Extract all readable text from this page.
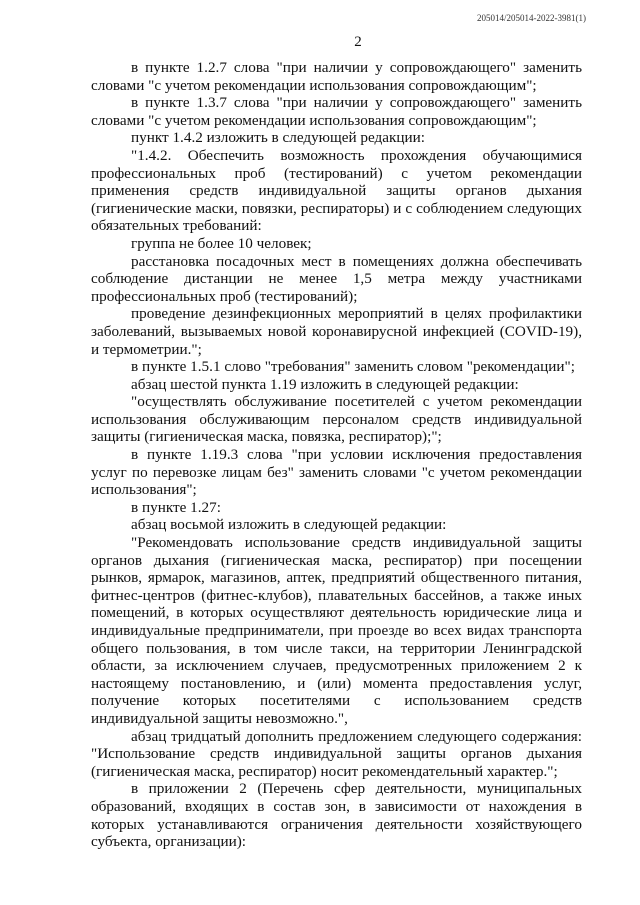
205014/205014-2022-3981(1)
2

в пункте 1.2.7 слова "при наличии у сопровождающего" заменить словами "с учетом рекомендации использования сопровождающим";

в пункте 1.3.7 слова "при наличии у сопровождающего" заменить словами "с учетом рекомендации использования сопровождающим";

пункт 1.4.2 изложить в следующей редакции:

"1.4.2. Обеспечить возможность прохождения обучающимися профессиональных проб (тестирований) с учетом рекомендации применения средств индивидуальной защиты органов дыхания (гигиенические маски, повязки, респираторы) и с соблюдением следующих обязательных требований:

группа не более 10 человек;

расстановка посадочных мест в помещениях должна обеспечивать соблюдение дистанции не менее 1,5 метра между участниками профессиональных проб (тестирований);

проведение дезинфекционных мероприятий в целях профилактики заболеваний, вызываемых новой коронавирусной инфекцией (COVID-19), и термометрии.";

в пункте 1.5.1 слово "требования" заменить словом "рекомендации";

абзац шестой пункта 1.19 изложить в следующей редакции:

"осуществлять обслуживание посетителей с учетом рекомендации использования обслуживающим персоналом средств индивидуальной защиты (гигиеническая маска, повязка, респиратор);";

в пункте 1.19.3 слова "при условии исключения предоставления услуг по перевозке лицам без" заменить словами "с учетом рекомендации использования";

в пункте 1.27:

абзац восьмой изложить в следующей редакции:

"Рекомендовать использование средств индивидуальной защиты органов дыхания (гигиеническая маска, респиратор) при посещении рынков, ярмарок, магазинов, аптек, предприятий общественного питания, фитнес-центров (фитнес-клубов), плавательных бассейнов, а также иных помещений, в которых осуществляют деятельность юридические лица и индивидуальные предприниматели, при проезде во всех видах транспорта общего пользования, в том числе такси, на территории Ленинградской области, за исключением случаев, предусмотренных приложением 2 к настоящему постановлению, и (или) момента предоставления услуг, получение которых посетителями с использованием средств индивидуальной защиты невозможно.",

абзац тридцатый дополнить предложением следующего содержания: "Использование средств индивидуальной защиты органов дыхания (гигиеническая маска, респиратор) носит рекомендательный характер.";

в приложении 2 (Перечень сфер деятельности, муниципальных образований, входящих в состав зон, в зависимости от нахождения в которых устанавливаются ограничения деятельности хозяйствующего субъекта, организации):
